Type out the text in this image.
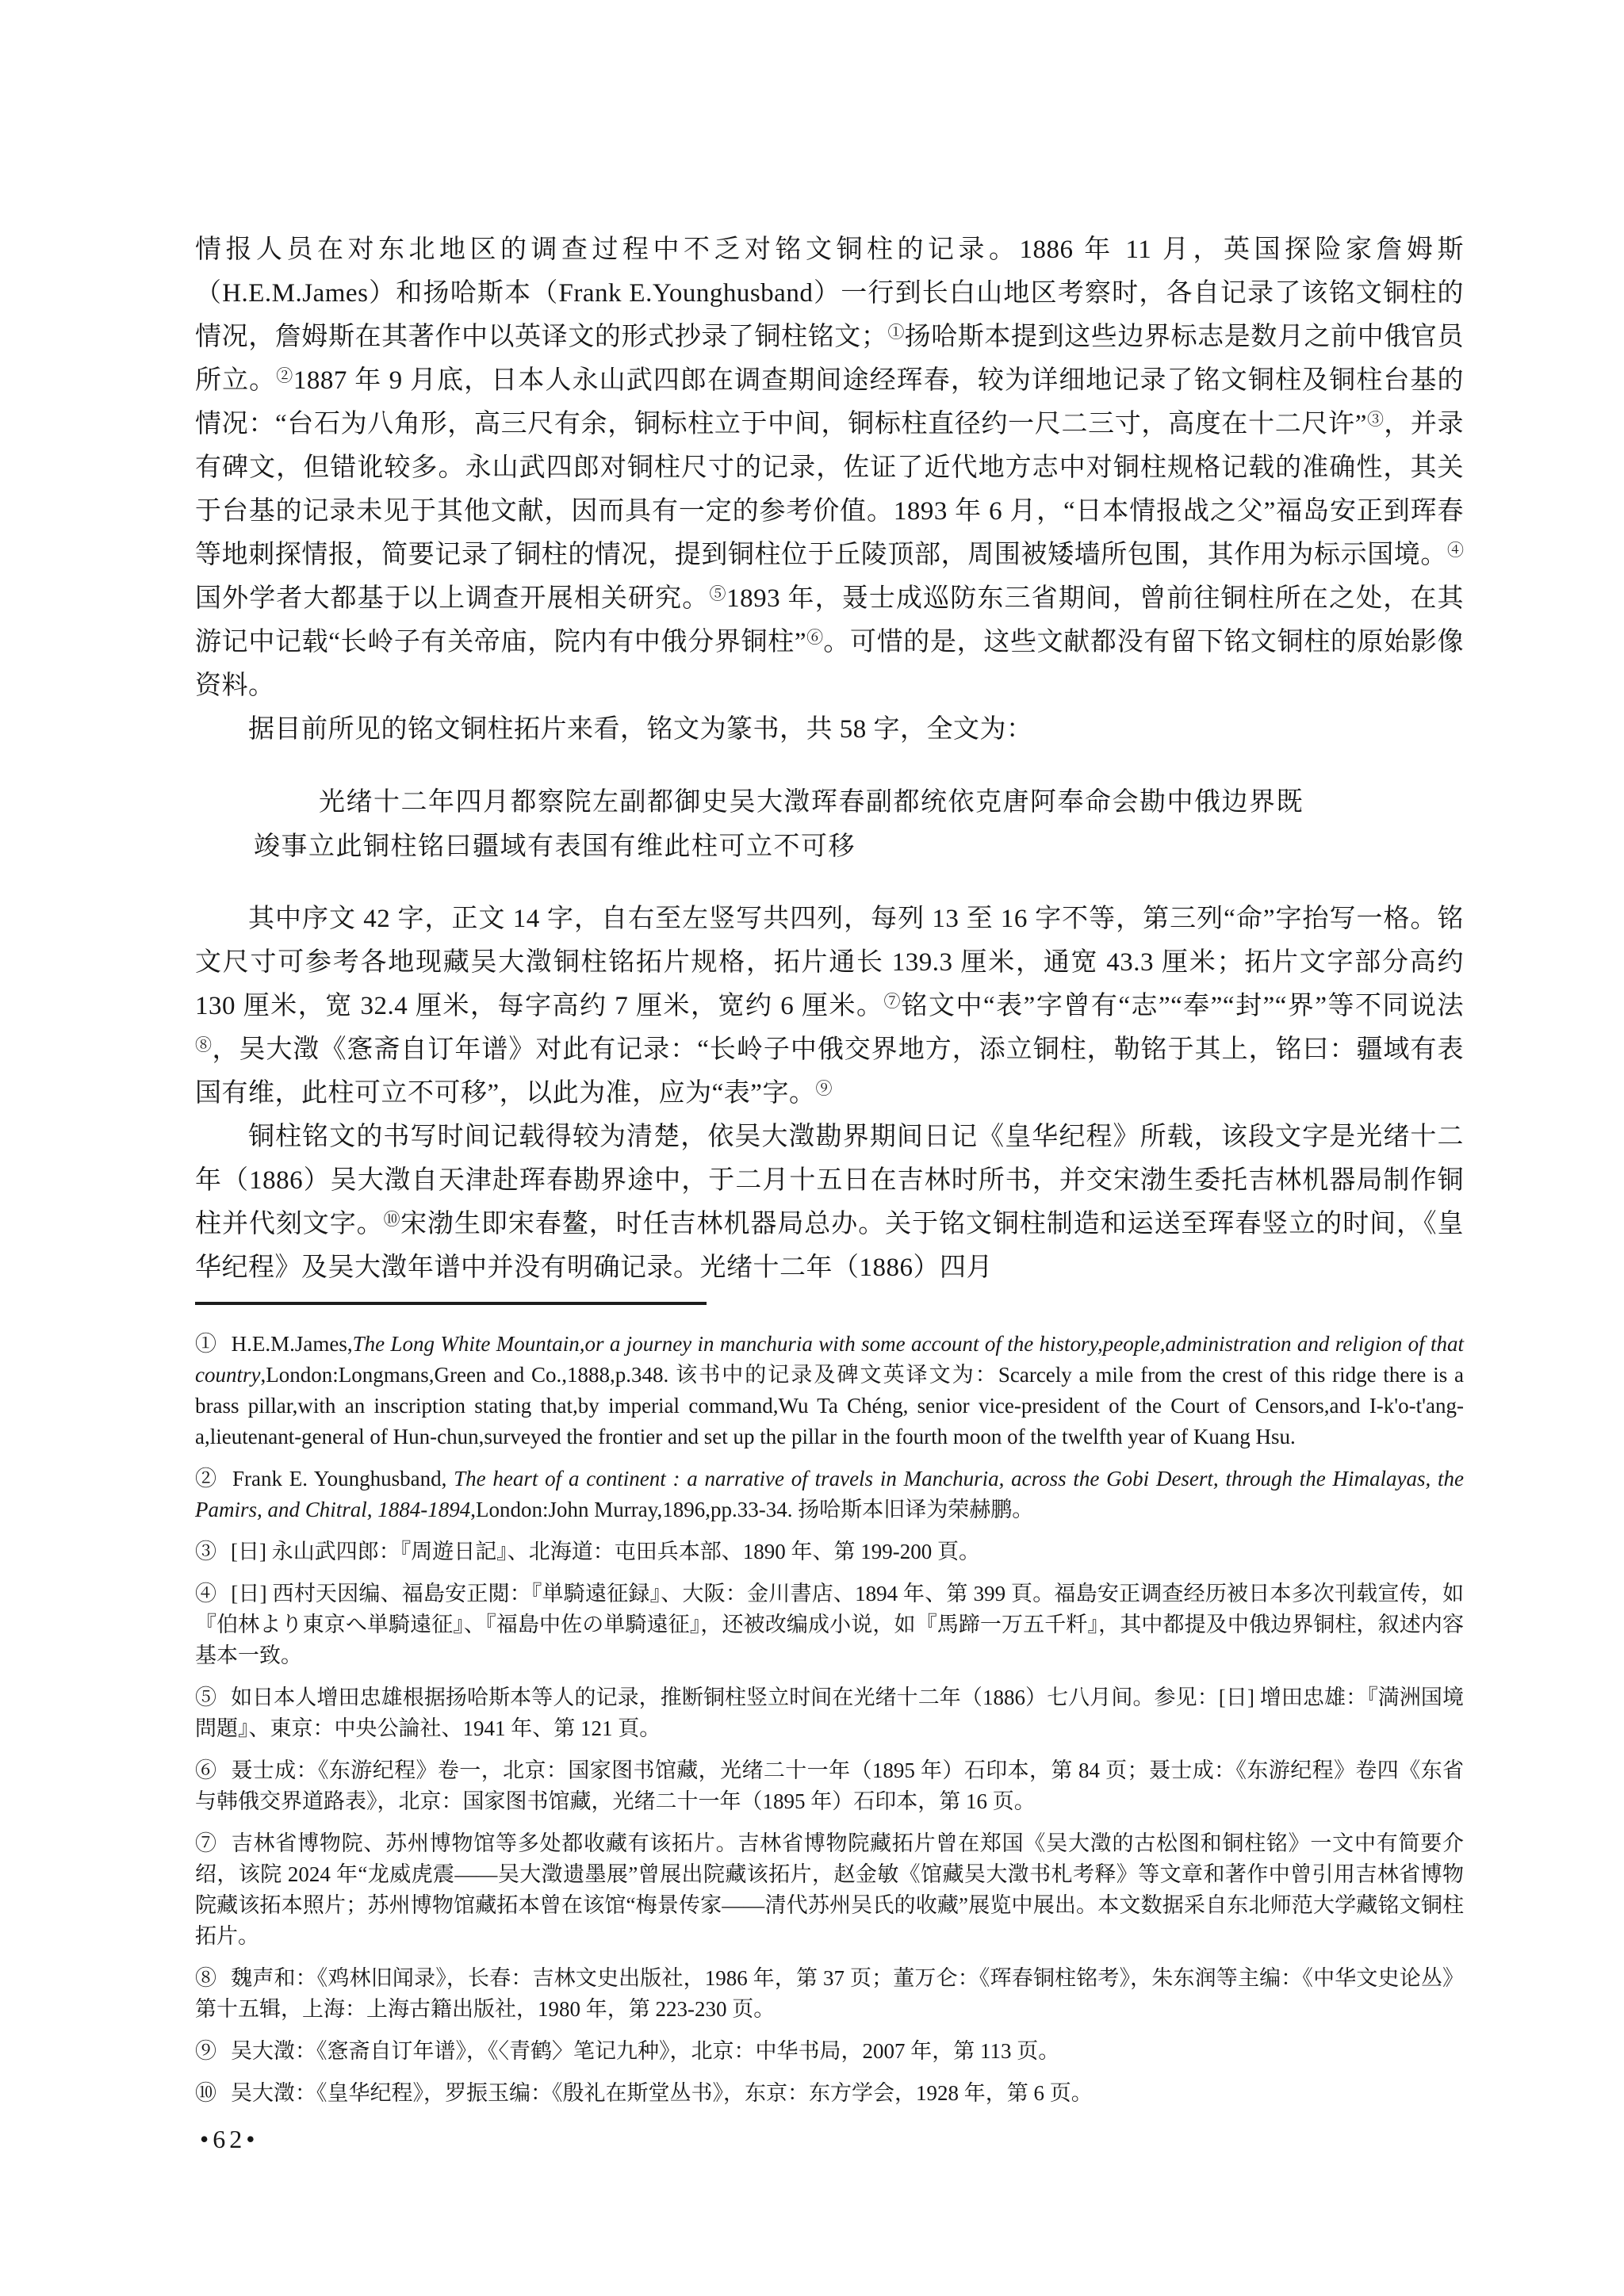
情报人员在对东北地区的调查过程中不乏对铭文铜柱的记录。1886 年 11 月，英国探险家詹姆斯（H.E.M.James）和扬哈斯本（Frank E.Younghusband）一行到长白山地区考察时，各自记录了该铭文铜柱的情况，詹姆斯在其著作中以英译文的形式抄录了铜柱铭文；①扬哈斯本提到这些边界标志是数月之前中俄官员所立。②1887 年 9 月底，日本人永山武四郎在调查期间途经珲春，较为详细地记录了铭文铜柱及铜柱台基的情况：“台石为八角形，高三尺有余，铜标柱立于中间，铜标柱直径约一尺二三寸，高度在十二尺许”③，并录有碑文，但错讹较多。永山武四郎对铜柱尺寸的记录，佐证了近代地方志中对铜柱规格记载的准确性，其关于台基的记录未见于其他文献，因而具有一定的参考价值。1893 年 6 月，“日本情报战之父”福岛安正到珲春等地刺探情报，简要记录了铜柱的情况，提到铜柱位于丘陵顶部，周围被矮墙所包围，其作用为标示国境。④国外学者大都基于以上调查开展相关研究。⑤1893 年，聂士成巡防东三省期间，曾前往铜柱所在之处，在其游记中记载“长岭子有关帝庙，院内有中俄分界铜柱”⑥。可惜的是，这些文献都没有留下铭文铜柱的原始影像资料。

据目前所见的铭文铜柱拓片来看，铭文为篆书，共 58 字，全文为：

光绪十二年四月都察院左副都御史吴大澂珲春副都统依克唐阿奉命会勘中俄边界既
竣事立此铜柱铭曰疆域有表国有维此柱可立不可移

其中序文 42 字，正文 14 字，自右至左竖写共四列，每列 13 至 16 字不等，第三列“命”字抬写一格。铭文尺寸可参考各地现藏吴大澂铜柱铭拓片规格，拓片通长 139.3 厘米，通宽 43.3 厘米；拓片文字部分高约 130 厘米，宽 32.4 厘米，每字高约 7 厘米，宽约 6 厘米。⑦铭文中“表”字曾有“志”“奉”“封”“界”等不同说法⑧，吴大澂《愙斋自订年谱》对此有记录：“长岭子中俄交界地方，添立铜柱，勒铭于其上，铭曰：疆域有表国有维，此柱可立不可移”，以此为准，应为“表”字。⑨

铜柱铭文的书写时间记载得较为清楚，依吴大澂勘界期间日记《皇华纪程》所载，该段文字是光绪十二年（1886）吴大澂自天津赴珲春勘界途中，于二月十五日在吉林时所书，并交宋渤生委托吉林机器局制作铜柱并代刻文字。⑩宋渤生即宋春鳌，时任吉林机器局总办。关于铭文铜柱制造和运送至珲春竖立的时间，《皇华纪程》及吴大澂年谱中并没有明确记录。光绪十二年（1886）四月

① H.E.M.James,The Long White Mountain,or a journey in manchuria with some account of the history,people,administration and religion of that country,London:Longmans,Green and Co.,1888,p.348. 该书中的记录及碑文英译文为：Scarcely a mile from the crest of this ridge there is a brass pillar,with an inscription stating that,by imperial command,Wu Ta Chéng, senior vice-president of the Court of Censors,and I-k'o-t'ang-a,lieutenant-general of Hun-chun,surveyed the frontier and set up the pillar in the fourth moon of the twelfth year of Kuang Hsu.
② Frank E. Younghusband, The heart of a continent : a narrative of travels in Manchuria, across the Gobi Desert, through the Himalayas, the Pamirs, and Chitral, 1884-1894,London:John Murray,1896,pp.33-34. 扬哈斯本旧译为荣赫鹏。
③ [日] 永山武四郎：『周遊日記』、北海道：屯田兵本部、1890 年、第 199-200 頁。
④ [日] 西村天因编、福島安正閲：『単騎遠征録』、大阪：金川書店、1894 年、第 399 頁。福島安正调查经历被日本多次刊载宣传，如『伯林より東京へ単騎遠征』、『福島中佐の単騎遠征』，还被改编成小说，如『馬蹄一万五千粁』，其中都提及中俄边界铜柱，叙述内容基本一致。
⑤ 如日本人增田忠雄根据扬哈斯本等人的记录，推断铜柱竖立时间在光绪十二年（1886）七八月间。参见：[日] 增田忠雄：『満洲国境問題』、東京：中央公論社、1941 年、第 121 頁。
⑥ 聂士成：《东游纪程》卷一，北京：国家图书馆藏，光绪二十一年（1895 年）石印本，第 84 页；聂士成：《东游纪程》卷四《东省与韩俄交界道路表》，北京：国家图书馆藏，光绪二十一年（1895 年）石印本，第 16 页。
⑦ 吉林省博物院、苏州博物馆等多处都收藏有该拓片。吉林省博物院藏拓片曾在郑国《吴大澂的古松图和铜柱铭》一文中有简要介绍，该院 2024 年“龙威虎震——吴大澂遗墨展”曾展出院藏该拓片，赵金敏《馆藏吴大澂书札考释》等文章和著作中曾引用吉林省博物院藏该拓本照片；苏州博物馆藏拓本曾在该馆“梅景传家——清代苏州吴氏的收藏”展览中展出。本文数据采自东北师范大学藏铭文铜柱拓片。
⑧ 魏声和：《鸡林旧闻录》，长春：吉林文史出版社，1986 年，第 37 页；董万仑：《珲春铜柱铭考》，朱东润等主编：《中华文史论丛》第十五辑，上海：上海古籍出版社，1980 年，第 223-230 页。
⑨ 吴大澂：《愙斋自订年谱》，《〈青鹤〉笔记九种》，北京：中华书局，2007 年，第 113 页。
⑩ 吴大澂：《皇华纪程》，罗振玉编：《殷礼在斯堂丛书》，东京：东方学会，1928 年，第 6 页。
•62•
